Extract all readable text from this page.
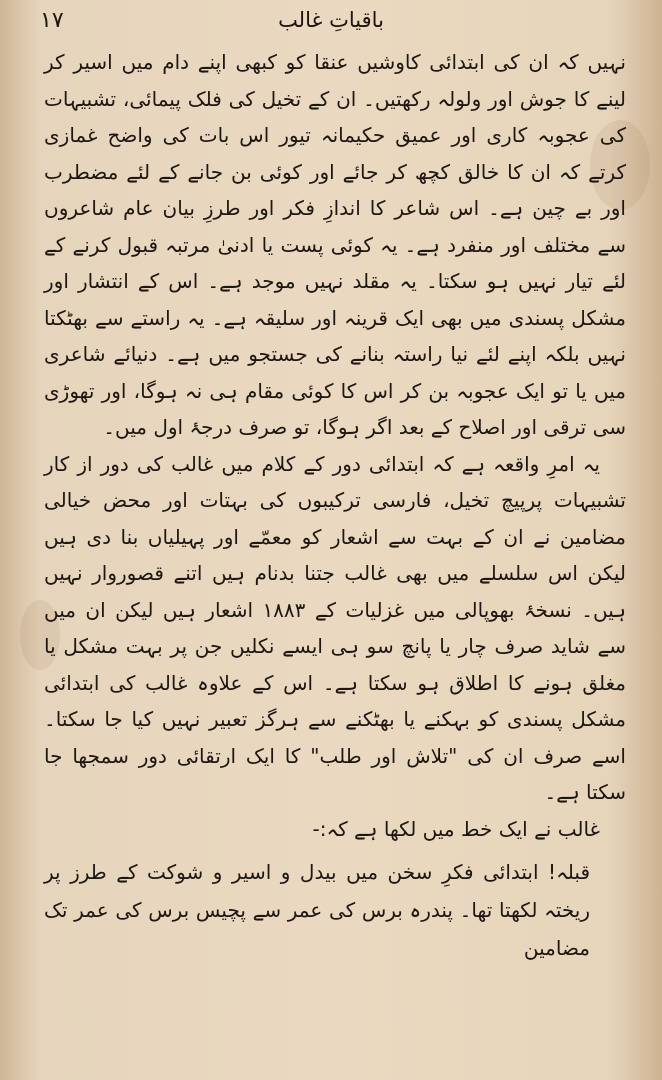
۱۷	باقیاتِ غالب

نہیں کہ ان کی ابتدائی کاوشیں عنقا کو کبھی اپنے دام میں اسیر کر لینے کا جوش اور ولولہ رکھتیں۔ ان کے تخیل کی فلک پیمائی، تشبیہات کی عجوبہ کاری اور عمیق حکیمانہ تیور اس بات کی واضح غمازی کرتے کہ ان کا خالق کچھ کر جائے اور کوئی بن جانے کے لئے مضطرب اور بے چین ہے۔ اس شاعر کا اندازِ فکر اور طرزِ بیان عام شاعروں سے مختلف اور منفرد ہے۔ یہ کوئی پست یا ادنیٰ مرتبہ قبول کرنے کے لئے تیار نہیں ہو سکتا۔ یہ مقلد نہیں موجد ہے۔ اس کے انتشار اور مشکل پسندی میں بھی ایک قرینہ اور سلیقہ ہے۔ یہ راستے سے بھٹکتا نہیں بلکہ اپنے لئے نیا راستہ بنانے کی جستجو میں ہے۔ دنیائے شاعری میں یا تو ایک عجوبہ بن کر اس کا کوئی مقام ہی نہ ہوگا، اور تھوڑی سی ترقی اور اصلاح کے بعد اگر ہوگا، تو صرف درجۂ اول میں۔

یہ امرِ واقعہ ہے کہ ابتدائی دور کے کلام میں غالب کی دور از کار تشبیہات پرپیچ تخیل، فارسی ترکیبوں کی بہتات اور محض خیالی مضامین نے ان کے بہت سے اشعار کو معمّے اور پہیلیاں بنا دی ہیں لیکن اس سلسلے میں بھی غالب جتنا بدنام ہیں اتنے قصوروار نہیں ہیں۔ نسخۂ بھوپالی میں غزلیات کے ۱۸۸۳ اشعار ہیں لیکن ان میں سے شاید صرف چار یا پانچ سو ہی ایسے نکلیں جن پر بہت مشکل یا مغلق ہونے کا اطلاق ہو سکتا ہے۔ اس کے علاوہ غالب کی ابتدائی مشکل پسندی کو بہکنے یا بھٹکنے سے ہرگز تعبیر نہیں کیا جا سکتا۔ اسے صرف ان کی "تلاش اور طلب" کا ایک ارتقائی دور سمجھا جا سکتا ہے۔

غالب نے ایک خط میں لکھا ہے کہ:-

قبلہ! ابتدائی فکرِ سخن میں بیدل و اسیر و شوکت کے طرز پر ریختہ لکھتا تھا۔ پندرہ برس کی عمر سے پچیس برس کی عمر تک مضامین
